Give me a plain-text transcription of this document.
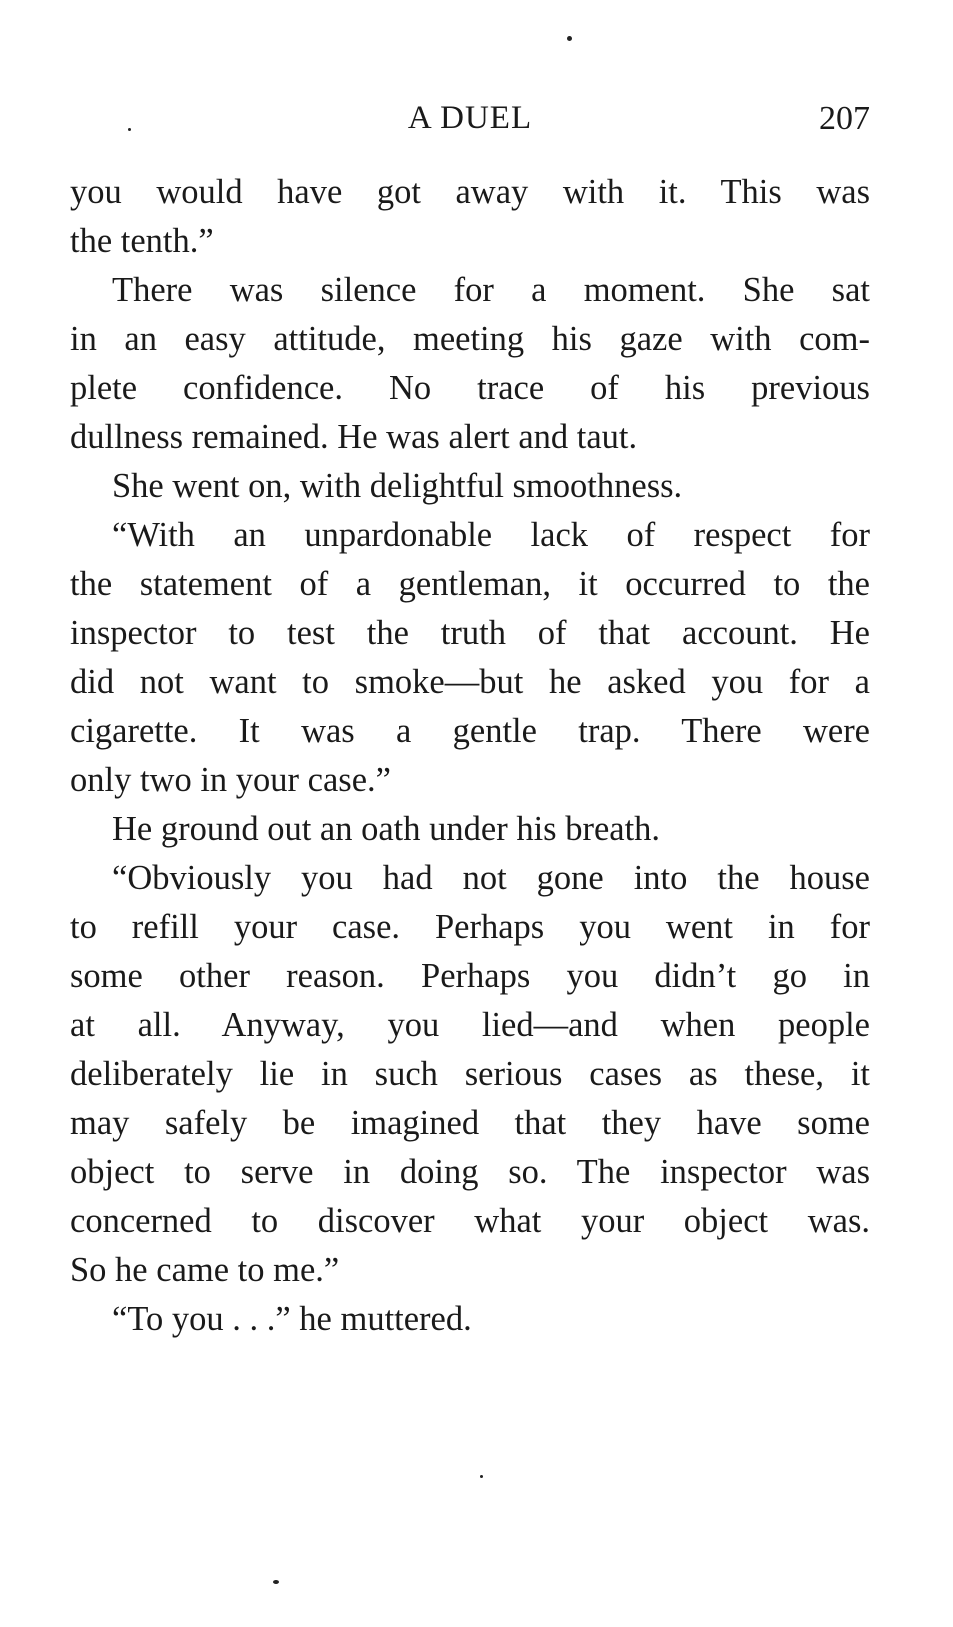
A DUEL	207
you would have got away with it. This was
the tenth.”
There was silence for a moment. She sat
in an easy attitude, meeting his gaze with com-
plete confidence. No trace of his previous
dullness remained. He was alert and taut.
She went on, with delightful smoothness.
“With an unpardonable lack of respect for
the statement of a gentleman, it occurred to the
inspector to test the truth of that account. He
did not want to smoke—but he asked you for a
cigarette. It was a gentle trap. There were
only two in your case.”
He ground out an oath under his breath.
“Obviously you had not gone into the house
to refill your case. Perhaps you went in for
some other reason. Perhaps you didn’t go in
at all. Anyway, you lied—and when people
deliberately lie in such serious cases as these, it
may safely be imagined that they have some
object to serve in doing so. The inspector was
concerned to discover what your object was.
So he came to me.”
“To you . . .” he muttered.
